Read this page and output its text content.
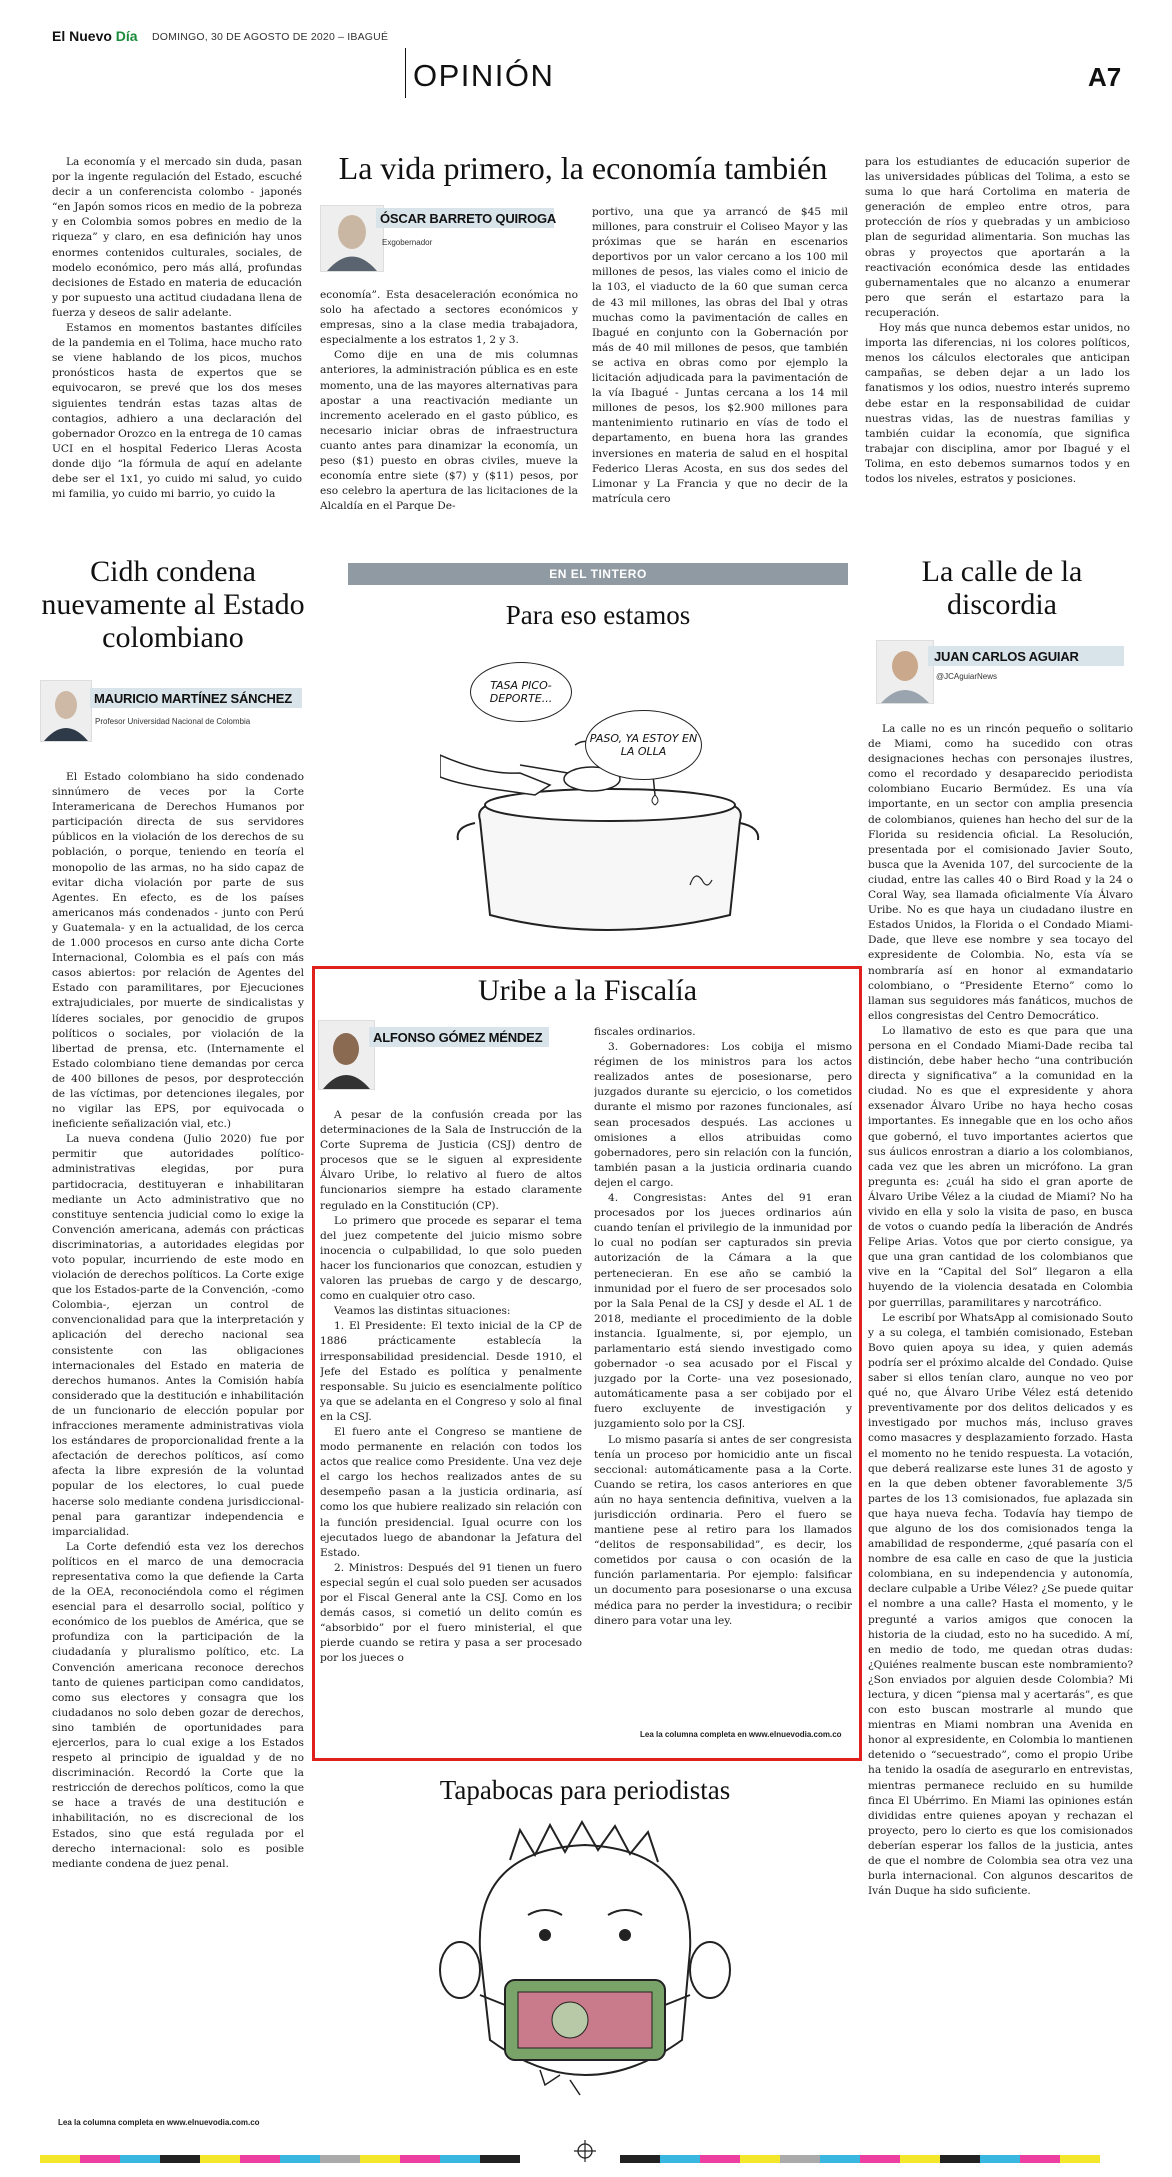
El Nuevo Día DOMINGO, 30 DE AGOSTO DE 2020 – IBAGUÉ
OPINIÓN	A7

La economía y el mercado sin duda, pasan por la ingente regulación del Estado, escuché decir a un conferencista colombo - japonés “en Japón somos ricos en medio de la pobreza y en Colombia somos pobres en medio de la riqueza” y claro, en esa definición hay unos enormes contenidos culturales, sociales, de modelo económico, pero más allá, profundas decisiones de Estado en materia de educación y por supuesto una actitud ciudadana llena de fuerza y deseos de salir adelante.

Estamos en momentos bastantes difíciles de la pandemia en el Tolima, hace mucho rato se viene hablando de los picos, muchos pronósticos hasta de expertos que se equivocaron, se prevé que los dos meses siguientes tendrán estas tazas altas de contagios, adhiero a una declaración del gobernador Orozco en la entrega de 10 camas UCI en el hospital Federico Lleras Acosta donde dijo “la fórmula de aquí en adelante debe ser el 1x1, yo cuido mi salud, yo cuido mi familia, yo cuido mi barrio, yo cuido la

La vida primero, la economía también
ÓSCAR BARRETO QUIROGA
Exgobernador

economía”. Esta desaceleración económica no solo ha afectado a sectores económicos y empresas, sino a la clase media trabajadora, especialmente a los estratos 1, 2 y 3.

Como dije en una de mis columnas anteriores, la administración pública es en este momento, una de las mayores alternativas para apostar a una reactivación mediante un incremento acelerado en el gasto público, es necesario iniciar obras de infraestructura cuanto antes para dinamizar la economía, un peso ($1) puesto en obras civiles, mueve la economía entre siete ($7) y ($11) pesos, por eso celebro la apertura de las licitaciones de la Alcaldía en el Parque De-

portivo, una que ya arrancó de $45 mil millones, para construir el Coliseo Mayor y las próximas que se harán en escenarios deportivos por un valor cercano a los 100 mil millones de pesos, las viales como el inicio de la 103, el viaducto de la 60 que suman cerca de 43 mil millones, las obras del Ibal y otras muchas como la pavimentación de calles en Ibagué en conjunto con la Gobernación por más de 40 mil millones de pesos, que también se activa en obras como por ejemplo la licitación adjudicada para la pavimentación de la vía Ibagué - Juntas cercana a los 14 mil millones de pesos, los $2.900 millones para mantenimiento rutinario en vías de todo el departamento, en buena hora las grandes inversiones en materia de salud en el hospital Federico Lleras Acosta, en sus dos sedes del Limonar y La Francia y que no decir de la matrícula cero

para los estudiantes de educación superior de las universidades públicas del Tolima, a esto se suma lo que hará Cortolima en materia de generación de empleo entre otros, para protección de ríos y quebradas y un ambicioso plan de seguridad alimentaria. Son muchas las obras y proyectos que aportarán a la reactivación económica desde las entidades gubernamentales que no alcanzo a enumerar pero que serán el estartazo para la recuperación.

Hoy más que nunca debemos estar unidos, no importa las diferencias, ni los colores políticos, menos los cálculos electorales que anticipan campañas, se deben dejar a un lado los fanatismos y los odios, nuestro interés supremo debe estar en la responsabilidad de cuidar nuestras vidas, las de nuestras familias y también cuidar la economía, que significa trabajar con disciplina, amor por Ibagué y el Tolima, en esto debemos sumarnos todos y en todos los niveles, estratos y posiciones.

Cidh condena nuevamente al Estado colombiano
MAURICIO MARTÍNEZ SÁNCHEZ
Profesor Universidad Nacional de Colombia

El Estado colombiano ha sido condenado sinnúmero de veces por la Corte Interamericana de Derechos Humanos por participación directa de sus servidores públicos en la violación de los derechos de su población, o porque, teniendo en teoría el monopolio de las armas, no ha sido capaz de evitar dicha violación por parte de sus Agentes. En efecto, es de los países americanos más condenados - junto con Perú y Guatemala- y en la actualidad, de los cerca de 1.000 procesos en curso ante dicha Corte Internacional, Colombia es el país con más casos abiertos: por relación de Agentes del Estado con paramilitares, por Ejecuciones extrajudiciales, por muerte de sindicalistas y líderes sociales, por genocidio de grupos políticos o sociales, por violación de la libertad de prensa, etc. (Internamente el Estado colombiano tiene demandas por cerca de 400 billones de pesos, por desprotección de las víctimas, por detenciones ilegales, por no vigilar las EPS, por equivocada o ineficiente señalización vial, etc.)

La nueva condena (Julio 2020) fue por permitir que autoridades político-administrativas elegidas, por pura partidocracia, destituyeran e inhabilitaran mediante un Acto administrativo que no constituye sentencia judicial como lo exige la Convención americana, además con prácticas discriminatorias, a autoridades elegidas por voto popular, incurriendo de este modo en violación de derechos políticos. La Corte exige que los Estados-parte de la Convención, -como Colombia-, ejerzan un control de convencionalidad para que la interpretación y aplicación del derecho nacional sea consistente con las obligaciones internacionales del Estado en materia de derechos humanos. Antes la Comisión había considerado que la destitución e inhabilitación de un funcionario de elección popular por infracciones meramente administrativas viola los estándares de proporcionalidad frente a la afectación de derechos políticos, así como afecta la libre expresión de la voluntad popular de los electores, lo cual puede hacerse solo mediante condena jurisdiccional-penal para garantizar independencia e imparcialidad.

La Corte defendió esta vez los derechos políticos en el marco de una democracia representativa como la que defiende la Carta de la OEA, reconociéndola como el régimen esencial para el desarrollo social, político y económico de los pueblos de América, que se profundiza con la participación de la ciudadanía y pluralismo político, etc. La Convención americana reconoce derechos tanto de quienes participan como candidatos, como sus electores y consagra que los ciudadanos no solo deben gozar de derechos, sino también de oportunidades para ejercerlos, para lo cual exige a los Estados respeto al principio de igualdad y de no discriminación. Recordó la Corte que la restricción de derechos políticos, como la que se hace a través de una destitución e inhabilitación, no es discrecional de los Estados, sino que está regulada por el derecho internacional: solo es posible mediante condena de juez penal.

Lea la columna completa en www.elnuevodia.com.co
EN EL TINTERO
Para eso estamos
TASA PICO-DEPORTE...
PASO, YA ESTOY EN LA OLLA
Uribe a la Fiscalía
ALFONSO GÓMEZ MÉNDEZ

A pesar de la confusión creada por las determinaciones de la Sala de Instrucción de la Corte Suprema de Justicia (CSJ) dentro de procesos que se le siguen al expresidente Álvaro Uribe, lo relativo al fuero de altos funcionarios siempre ha estado claramente regulado en la Constitución (CP).

Lo primero que procede es separar el tema del juez competente del juicio mismo sobre inocencia o culpabilidad, lo que solo pueden hacer los funcionarios que conozcan, estudien y valoren las pruebas de cargo y de descargo, como en cualquier otro caso.

Veamos las distintas situaciones:

1. El Presidente: El texto inicial de la CP de 1886 prácticamente establecía la irresponsabilidad presidencial. Desde 1910, el Jefe del Estado es política y penalmente responsable. Su juicio es esencialmente político ya que se adelanta en el Congreso y solo al final en la CSJ.

El fuero ante el Congreso se mantiene de modo permanente en relación con todos los actos que realice como Presidente. Una vez deje el cargo los hechos realizados antes de su desempeño pasan a la justicia ordinaria, así como los que hubiere realizado sin relación con la función presidencial. Igual ocurre con los ejecutados luego de abandonar la Jefatura del Estado.

2. Ministros: Después del 91 tienen un fuero especial según el cual solo pueden ser acusados por el Fiscal General ante la CSJ. Como en los demás casos, si cometió un delito común es “absorbido” por el fuero ministerial, el que pierde cuando se retira y pasa a ser procesado por los jueces o

fiscales ordinarios.

3. Gobernadores: Los cobija el mismo régimen de los ministros para los actos realizados antes de posesionarse, pero juzgados durante su ejercicio, o los cometidos durante el mismo por razones funcionales, así sean procesados después. Las acciones u omisiones a ellos atribuidas como gobernadores, pero sin relación con la función, también pasan a la justicia ordinaria cuando dejen el cargo.

4. Congresistas: Antes del 91 eran procesados por los jueces ordinarios aún cuando tenían el privilegio de la inmunidad por lo cual no podían ser capturados sin previa autorización de la Cámara a la que pertenecieran. En ese año se cambió la inmunidad por el fuero de ser procesados solo por la Sala Penal de la CSJ y desde el AL 1 de 2018, mediante el procedimiento de la doble instancia. Igualmente, si, por ejemplo, un parlamentario está siendo investigado como gobernador -o sea acusado por el Fiscal y juzgado por la Corte- una vez posesionado, automáticamente pasa a ser cobijado por el fuero excluyente de investigación y juzgamiento solo por la CSJ.

Lo mismo pasaría si antes de ser congresista tenía un proceso por homicidio ante un fiscal seccional: automáticamente pasa a la Corte. Cuando se retira, los casos anteriores en que aún no haya sentencia definitiva, vuelven a la jurisdicción ordinaria. Pero el fuero se mantiene pese al retiro para los llamados “delitos de responsabilidad”, es decir, los cometidos por causa o con ocasión de la función parlamentaria. Por ejemplo: falsificar un documento para posesionarse o una excusa médica para no perder la investidura; o recibir dinero para votar una ley.

Lea la columna completa en www.elnuevodia.com.co
Tapabocas para periodistas
La calle de la discordia
JUAN CARLOS AGUIAR
@JCAguiarNews

La calle no es un rincón pequeño o solitario de Miami, como ha sucedido con otras designaciones hechas con personajes ilustres, como el recordado y desaparecido periodista colombiano Eucario Bermúdez. Es una vía importante, en un sector con amplia presencia de colombianos, quienes han hecho del sur de la Florida su residencia oficial. La Resolución, presentada por el comisionado Javier Souto, busca que la Avenida 107, del surcociente de la ciudad, entre las calles 40 o Bird Road y la 24 o Coral Way, sea llamada oficialmente Vía Álvaro Uribe. No es que haya un ciudadano ilustre en Estados Unidos, la Florida o el Condado Miami-Dade, que lleve ese nombre y sea tocayo del expresidente de Colombia. No, esta vía se nombraría así en honor al exmandatario colombiano, o “Presidente Eterno” como lo llaman sus seguidores más fanáticos, muchos de ellos congresistas del Centro Democrático.

Lo llamativo de esto es que para que una persona en el Condado Miami-Dade reciba tal distinción, debe haber hecho “una contribución directa y significativa” a la comunidad en la ciudad. No es que el expresidente y ahora exsenador Álvaro Uribe no haya hecho cosas importantes. Es innegable que en los ocho años que gobernó, el tuvo importantes aciertos que sus áulicos enrostran a diario a los colombianos, cada vez que les abren un micrófono. La gran pregunta es: ¿cuál ha sido el gran aporte de Álvaro Uribe Vélez a la ciudad de Miami? No ha vivido en ella y solo la visita de paso, en busca de votos o cuando pedía la liberación de Andrés Felipe Arias. Votos que por cierto consigue, ya que una gran cantidad de los colombianos que vive en la “Capital del Sol” llegaron a ella huyendo de la violencia desatada en Colombia por guerrillas, paramilitares y narcotráfico.

Le escribí por WhatsApp al comisionado Souto y a su colega, el también comisionado, Esteban Bovo quien apoya su idea, y quien además podría ser el próximo alcalde del Condado. Quise saber si ellos tenían claro, aunque no veo por qué no, que Álvaro Uribe Vélez está detenido preventivamente por dos delitos delicados y es investigado por muchos más, incluso graves como masacres y desplazamiento forzado. Hasta el momento no he tenido respuesta. La votación, que deberá realizarse este lunes 31 de agosto y en la que deben obtener favorablemente 3/5 partes de los 13 comisionados, fue aplazada sin que haya nueva fecha. Todavía hay tiempo de que alguno de los dos comisionados tenga la amabilidad de responderme, ¿qué pasaría con el nombre de esa calle en caso de que la justicia colombiana, en su independencia y autonomía, declare culpable a Uribe Vélez? ¿Se puede quitar el nombre a una calle? Hasta el momento, y le pregunté a varios amigos que conocen la historia de la ciudad, esto no ha sucedido. A mí, en medio de todo, me quedan otras dudas: ¿Quiénes realmente buscan este nombramiento? ¿Son enviados por alguien desde Colombia? Mi lectura, y dicen “piensa mal y acertarás”, es que con esto buscan mostrarle al mundo que mientras en Miami nombran una Avenida en honor al expresidente, en Colombia lo mantienen detenido o “secuestrado”, como el propio Uribe ha tenido la osadía de asegurarlo en entrevistas, mientras permanece recluido en su humilde finca El Ubérrimo. En Miami las opiniones están divididas entre quienes apoyan y rechazan el proyecto, pero lo cierto es que los comisionados deberían esperar los fallos de la justicia, antes de que el nombre de Colombia sea otra vez una burla internacional. Con algunos descaritos de Iván Duque ha sido suficiente.
